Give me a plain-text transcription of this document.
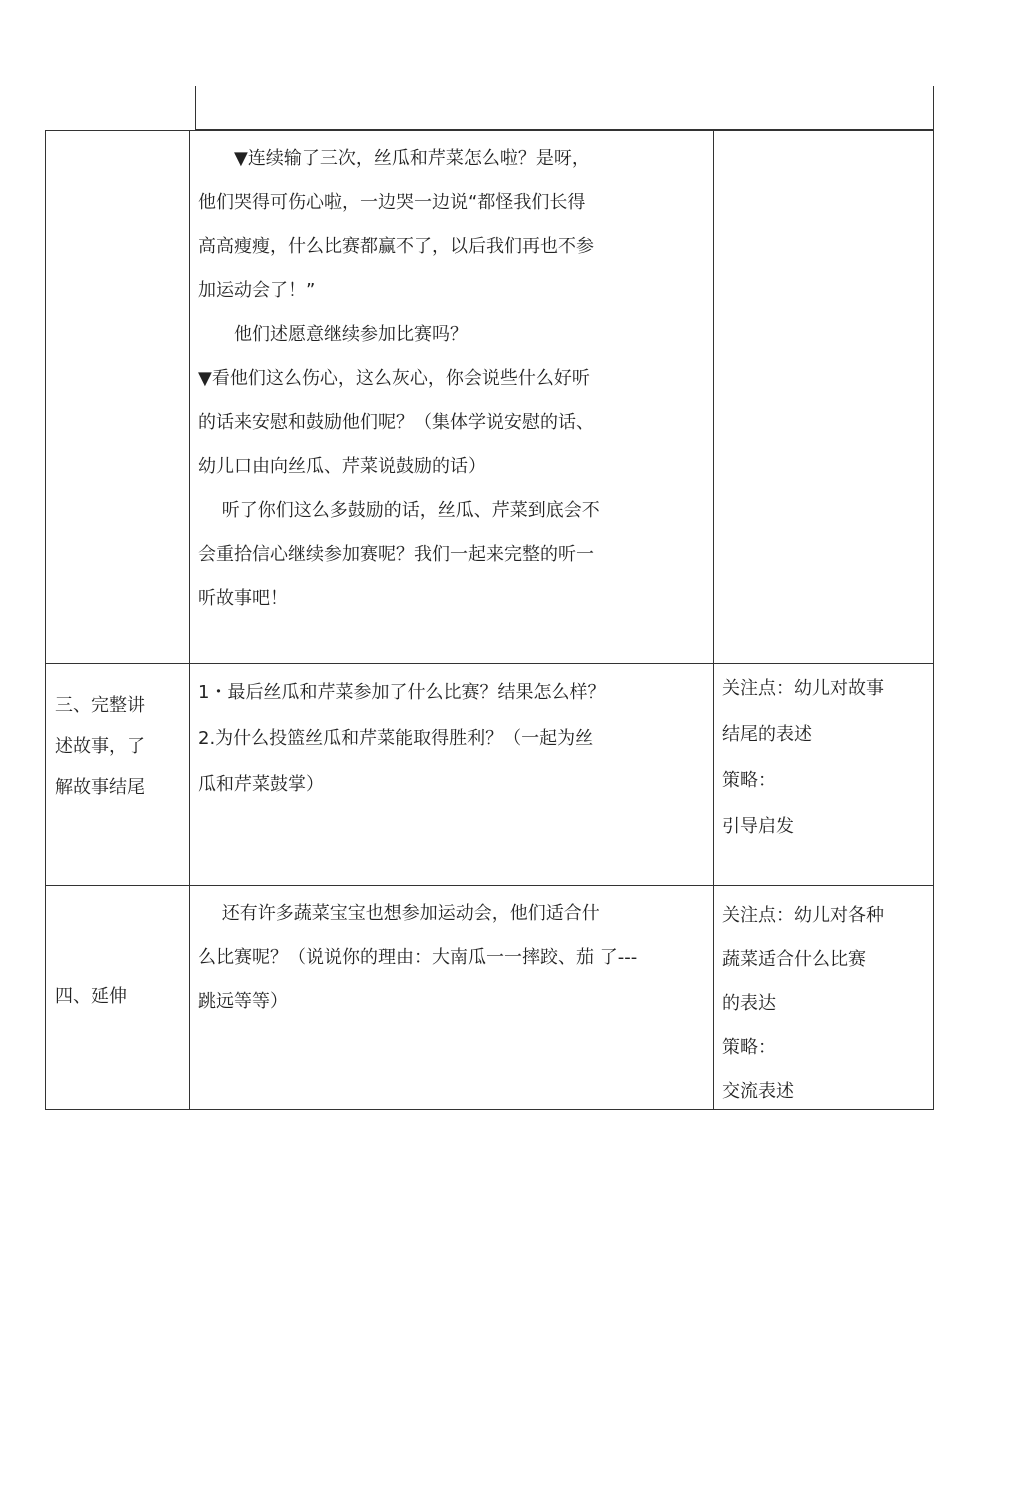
　　▼连续输了三次，丝瓜和芹菜怎么啦？是呀，

他们哭得可伤心啦，一边哭一边说“都怪我们长得

高高瘦瘦，什么比赛都赢不了，以后我们再也不参

加运动会了！”

　　他们述愿意继续参加比赛吗？

▼看他们这么伤心，这么灰心，你会说些什么好听

的话来安慰和鼓励他们呢？（集体学说安慰的话、

幼儿口由向丝瓜、芹菜说鼓励的话）

　 听了你们这么多鼓励的话，丝瓜、芹菜到底会不

会重拾信心继续参加赛呢？我们一起来完整的听一

听故事吧！

三、完整讲

述故事，了

解故事结尾

1・最后丝瓜和芹菜参加了什么比赛？结果怎么样？

2.为什么投篮丝瓜和芹菜能取得胜利？（一起为丝

瓜和芹菜鼓掌）

关注点：幼儿对故事

结尾的表述

策略：

引导启发

四、延伸

　 还有许多蔬菜宝宝也想参加运动会，他们适合什

么比赛呢？（说说你的理由：大南瓜一一摔跤、茄 了---

跳远等等）

关注点：幼儿对各种

蔬菜适合什么比赛

的表达

策略：

交流表述
